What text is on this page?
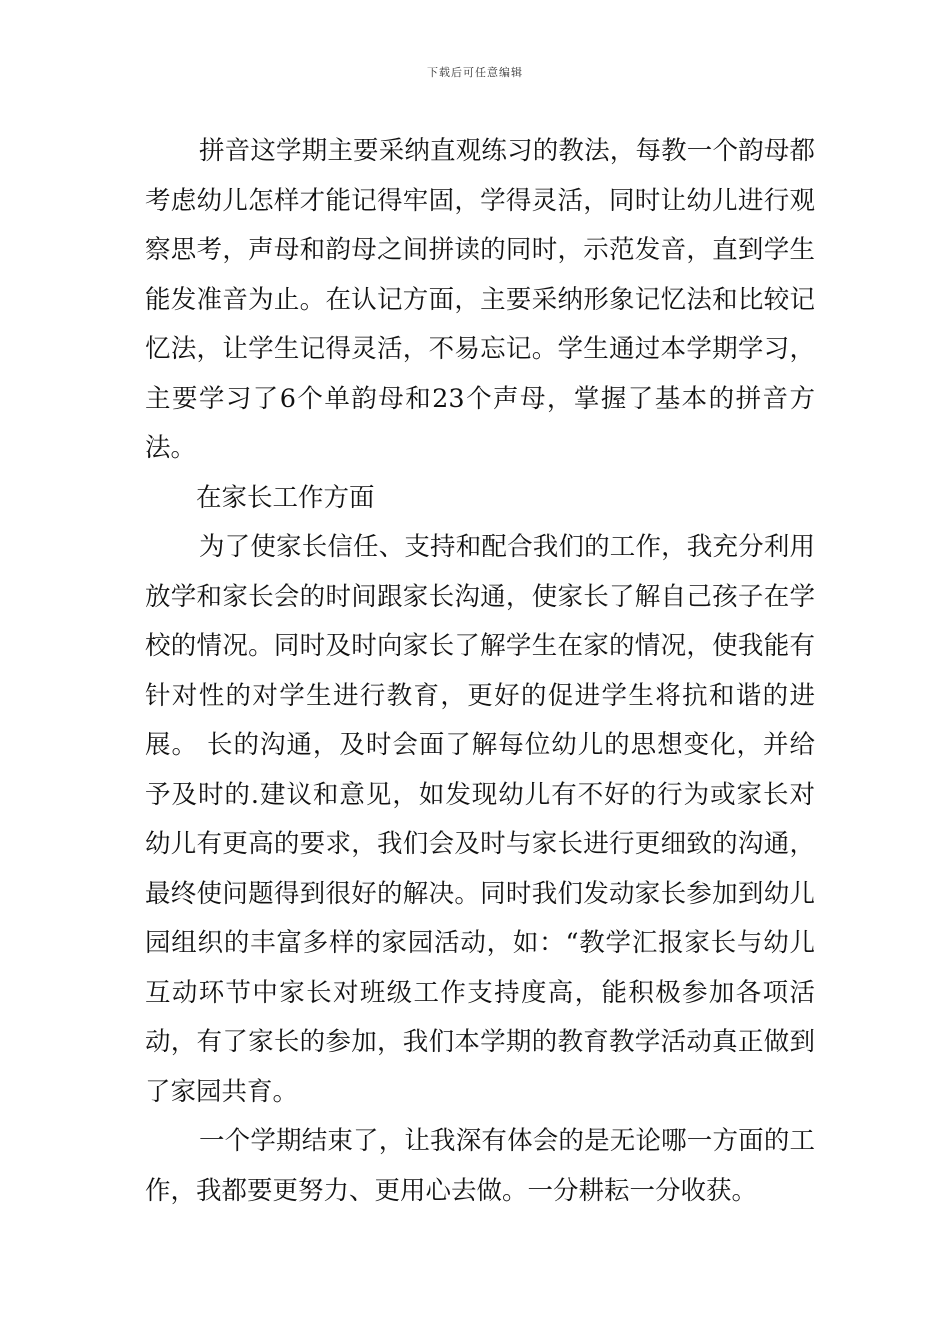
下载后可任意编辑

拼音这学期主要采纳直观练习的教法，每教一个韵母都考虑幼儿怎样才能记得牢固，学得灵活，同时让幼儿进行观察思考，声母和韵母之间拼读的同时，示范发音，直到学生能发准音为止。在认记方面，主要采纳形象记忆法和比较记忆法，让学生记得灵活，不易忘记。学生通过本学期学习，主要学习了6个单韵母和23个声母，掌握了基本的拼音方法。

在家长工作方面

为了使家长信任、支持和配合我们的工作，我充分利用放学和家长会的时间跟家长沟通，使家长了解自己孩子在学校的情况。同时及时向家长了解学生在家的情况，使我能有针对性的对学生进行教育，更好的促进学生将抗和谐的进展。 长的沟通，及时会面了解每位幼儿的思想变化，并给予及时的.建议和意见，如发现幼儿有不好的行为或家长对幼儿有更高的要求，我们会及时与家长进行更细致的沟通，最终使问题得到很好的解决。同时我们发动家长参加到幼儿园组织的丰富多样的家园活动，如：“教学汇报家长与幼儿互动环节中家长对班级工作支持度高，能积极参加各项活动，有了家长的参加，我们本学期的教育教学活动真正做到了家园共育。

一个学期结束了，让我深有体会的是无论哪一方面的工作，我都要更努力、更用心去做。一分耕耘一分收获。
